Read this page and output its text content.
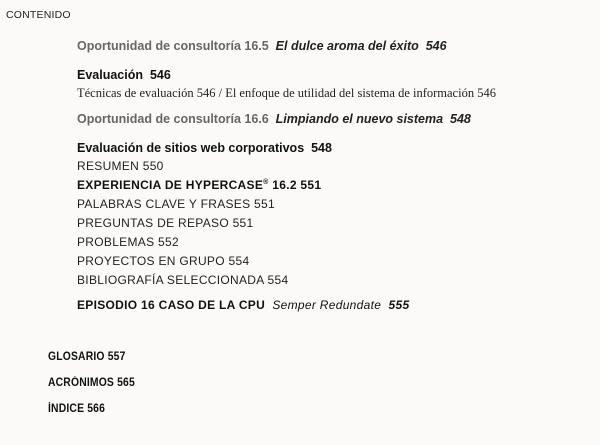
CONTENIDO
Oportunidad de consultoría 16.5 El dulce aroma del éxito 546
Evaluación 546
Técnicas de evaluación 546 / El enfoque de utilidad del sistema de información 546
Oportunidad de consultoría 16.6 Limpiando el nuevo sistema 548
Evaluación de sitios web corporativos 548
RESUMEN 550
EXPERIENCIA DE HYPERCASE® 16.2 551
PALABRAS CLAVE Y FRASES 551
PREGUNTAS DE REPASO 551
PROBLEMAS 552
PROYECTOS EN GRUPO 554
BIBLIOGRAFÍA SELECCIONADA 554
EPISODIO 16 CASO DE LA CPU Semper Redundate 555
GLOSARIO 557
ACRÓNIMOS 565
ÍNDICE 566
